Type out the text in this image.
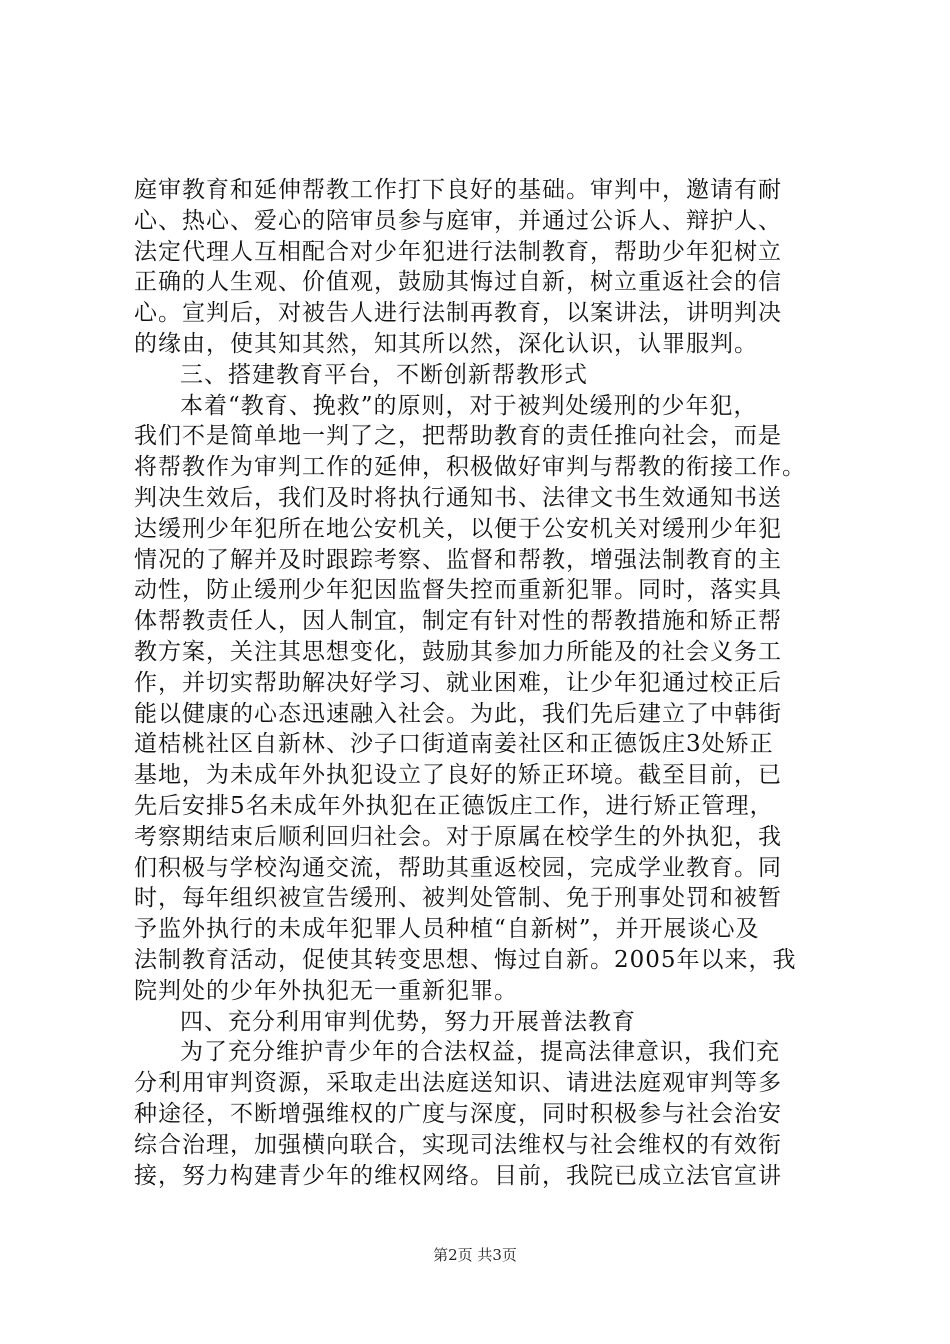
庭审教育和延伸帮教工作打下良好的基础。审判中，邀请有耐
心、热心、爱心的陪审员参与庭审，并通过公诉人、辩护人、
法定代理人互相配合对少年犯进行法制教育，帮助少年犯树立
正确的人生观、价值观，鼓励其悔过自新，树立重返社会的信
心。宣判后，对被告人进行法制再教育，以案讲法，讲明判决
的缘由，使其知其然，知其所以然，深化认识，认罪服判。
三、搭建教育平台，不断创新帮教形式
本着“教育、挽救”的原则，对于被判处缓刑的少年犯，
我们不是简单地一判了之，把帮助教育的责任推向社会，而是
将帮教作为审判工作的延伸，积极做好审判与帮教的衔接工作。
判决生效后，我们及时将执行通知书、法律文书生效通知书送
达缓刑少年犯所在地公安机关，以便于公安机关对缓刑少年犯
情况的了解并及时跟踪考察、监督和帮教，增强法制教育的主
动性，防止缓刑少年犯因监督失控而重新犯罪。同时，落实具
体帮教责任人，因人制宜，制定有针对性的帮教措施和矫正帮
教方案，关注其思想变化，鼓励其参加力所能及的社会义务工
作，并切实帮助解决好学习、就业困难，让少年犯通过校正后
能以健康的心态迅速融入社会。为此，我们先后建立了中韩街
道桔桃社区自新林、沙子口街道南姜社区和正德饭庄3处矫正
基地，为未成年外执犯设立了良好的矫正环境。截至目前，已
先后安排5名未成年外执犯在正德饭庄工作，进行矫正管理，
考察期结束后顺利回归社会。对于原属在校学生的外执犯，我
们积极与学校沟通交流，帮助其重返校园，完成学业教育。同
时，每年组织被宣告缓刑、被判处管制、免于刑事处罚和被暂
予监外执行的未成年犯罪人员种植“自新树”，并开展谈心及
法制教育活动，促使其转变思想、悔过自新。2005年以来，我
院判处的少年外执犯无一重新犯罪。
四、充分利用审判优势，努力开展普法教育
为了充分维护青少年的合法权益，提高法律意识，我们充
分利用审判资源，采取走出法庭送知识、请进法庭观审判等多
种途径，不断增强维权的广度与深度，同时积极参与社会治安
综合治理，加强横向联合，实现司法维权与社会维权的有效衔
接，努力构建青少年的维权网络。目前，我院已成立法官宣讲
第2页 共3页
